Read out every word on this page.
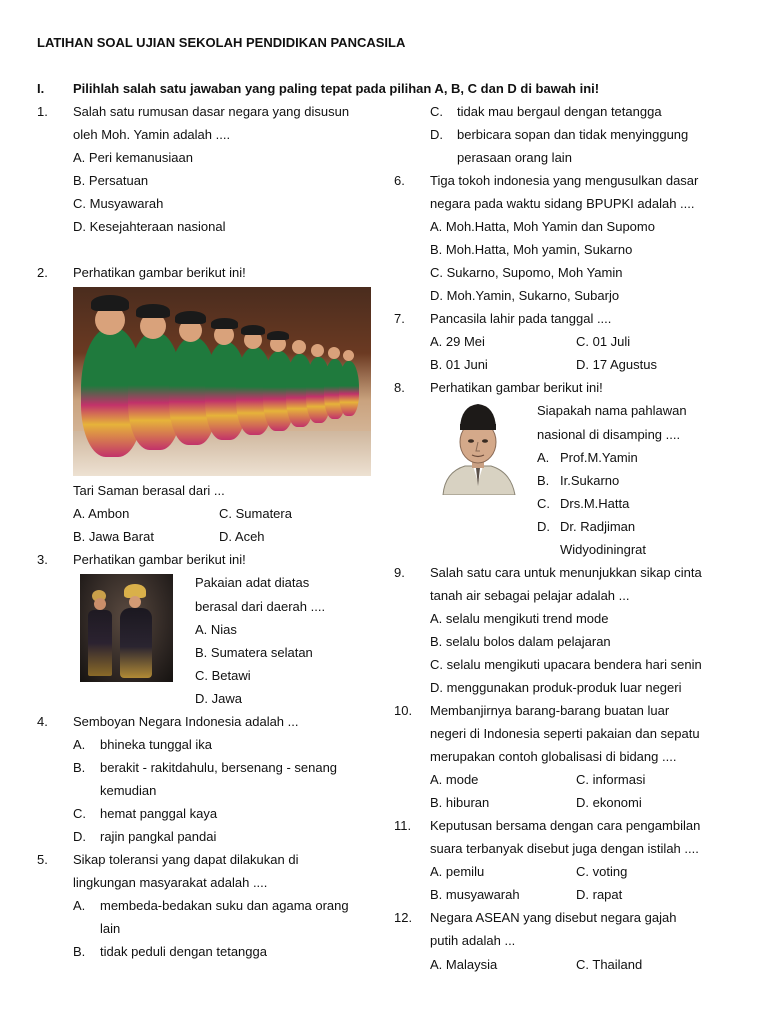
LATIHAN SOAL UJIAN SEKOLAH PENDIDIKAN PANCASILA
I. Pilihlah salah satu jawaban yang paling tepat pada pilihan A, B, C dan D di bawah ini!
1. Salah satu rumusan dasar negara yang disusun
oleh Moh. Yamin adalah ....
A. Peri kemanusiaan
B. Persatuan
C. Musyawarah
D. Kesejahteraan nasional
2. Perhatikan gambar berikut ini!
Tari Saman berasal dari ...
A. Ambon	C. Sumatera
B. Jawa Barat	D. Aceh
3. Perhatikan gambar berikut ini!
Pakaian adat diatas
berasal dari daerah ....
A. Nias
B. Sumatera selatan
C. Betawi
D. Jawa
4. Semboyan Negara Indonesia adalah ...
A. bhineka tunggal ika
B. berakit - rakitdahulu, bersenang - senang
kemudian
C. hemat panggal kaya
D. rajin pangkal pandai
5. Sikap toleransi yang dapat dilakukan di
lingkungan masyarakat adalah ....
A. membeda-bedakan suku dan agama orang
lain
B. tidak peduli dengan tetangga
C. tidak mau bergaul dengan tetangga
D. berbicara sopan dan tidak menyinggung
perasaan orang lain
6. Tiga tokoh indonesia yang mengusulkan dasar
negara pada waktu sidang BPUPKI adalah ....
A. Moh.Hatta, Moh Yamin dan Supomo
B. Moh.Hatta, Moh yamin, Sukarno
C. Sukarno, Supomo, Moh Yamin
D. Moh.Yamin, Sukarno, Subarjo
7. Pancasila lahir pada tanggal ....
A. 29 Mei	C. 01 Juli
B. 01 Juni	D. 17 Agustus
8. Perhatikan gambar berikut ini!
Siapakah nama pahlawan
nasional di disamping ....
A. Prof.M.Yamin
B. Ir.Sukarno
C. Drs.M.Hatta
D. Dr. Radjiman
Widyodiningrat
9. Salah satu cara untuk menunjukkan sikap cinta
tanah air sebagai pelajar adalah ...
A. selalu mengikuti trend mode
B. selalu bolos dalam pelajaran
C. selalu mengikuti upacara bendera hari senin
D. menggunakan produk-produk luar negeri
10. Membanjirnya barang-barang buatan luar
negeri di Indonesia seperti pakaian dan sepatu
merupakan contoh globalisasi di bidang ....
A. mode	C. informasi
B. hiburan	D. ekonomi
11. Keputusan bersama dengan cara pengambilan
suara terbanyak disebut juga dengan istilah ....
A. pemilu	C. voting
B. musyawarah	D. rapat
12. Negara ASEAN yang disebut negara gajah
putih adalah ...
A. Malaysia	C. Thailand
